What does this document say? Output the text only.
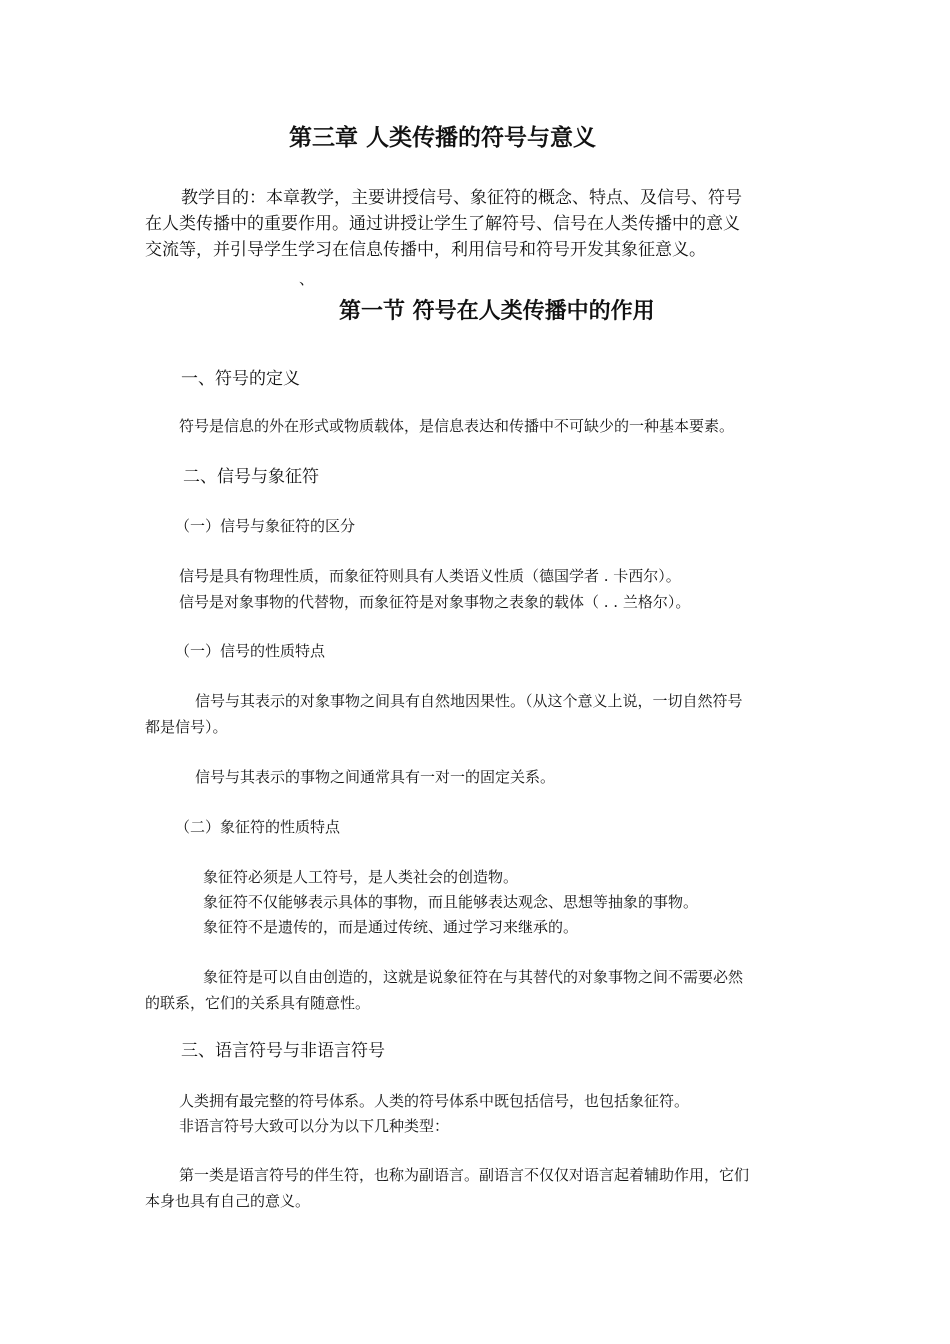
第三章 人类传播的符号与意义
教学目的：本章教学，主要讲授信号、象征符的概念、特点、及信号、符号
在人类传播中的重要作用。通过讲授让学生了解符号、信号在人类传播中的意义
交流等，并引导学生学习在信息传播中，利用信号和符号开发其象征意义。
、
第一节 符号在人类传播中的作用
一、符号的定义
符号是信息的外在形式或物质载体，是信息表达和传播中不可缺少的一种基本要素。
二、信号与象征符
（一）信号与象征符的区分
信号是具有物理性质，而象征符则具有人类语义性质（德国学者 . 卡西尔）。
信号是对象事物的代替物，而象征符是对象事物之表象的载体（ . . 兰格尔）。
（一）信号的性质特点
信号与其表示的对象事物之间具有自然地因果性。（从这个意义上说，一切自然符号
都是信号）。
信号与其表示的事物之间通常具有一对一的固定关系。
（二）象征符的性质特点
象征符必须是人工符号，是人类社会的创造物。
象征符不仅能够表示具体的事物，而且能够表达观念、思想等抽象的事物。
象征符不是遗传的，而是通过传统、通过学习来继承的。
象征符是可以自由创造的，这就是说象征符在与其替代的对象事物之间不需要必然
的联系，它们的关系具有随意性。
三、语言符号与非语言符号
人类拥有最完整的符号体系。人类的符号体系中既包括信号，也包括象征符。
非语言符号大致可以分为以下几种类型：
第一类是语言符号的伴生符，也称为副语言。副语言不仅仅对语言起着辅助作用，它们
本身也具有自己的意义。
